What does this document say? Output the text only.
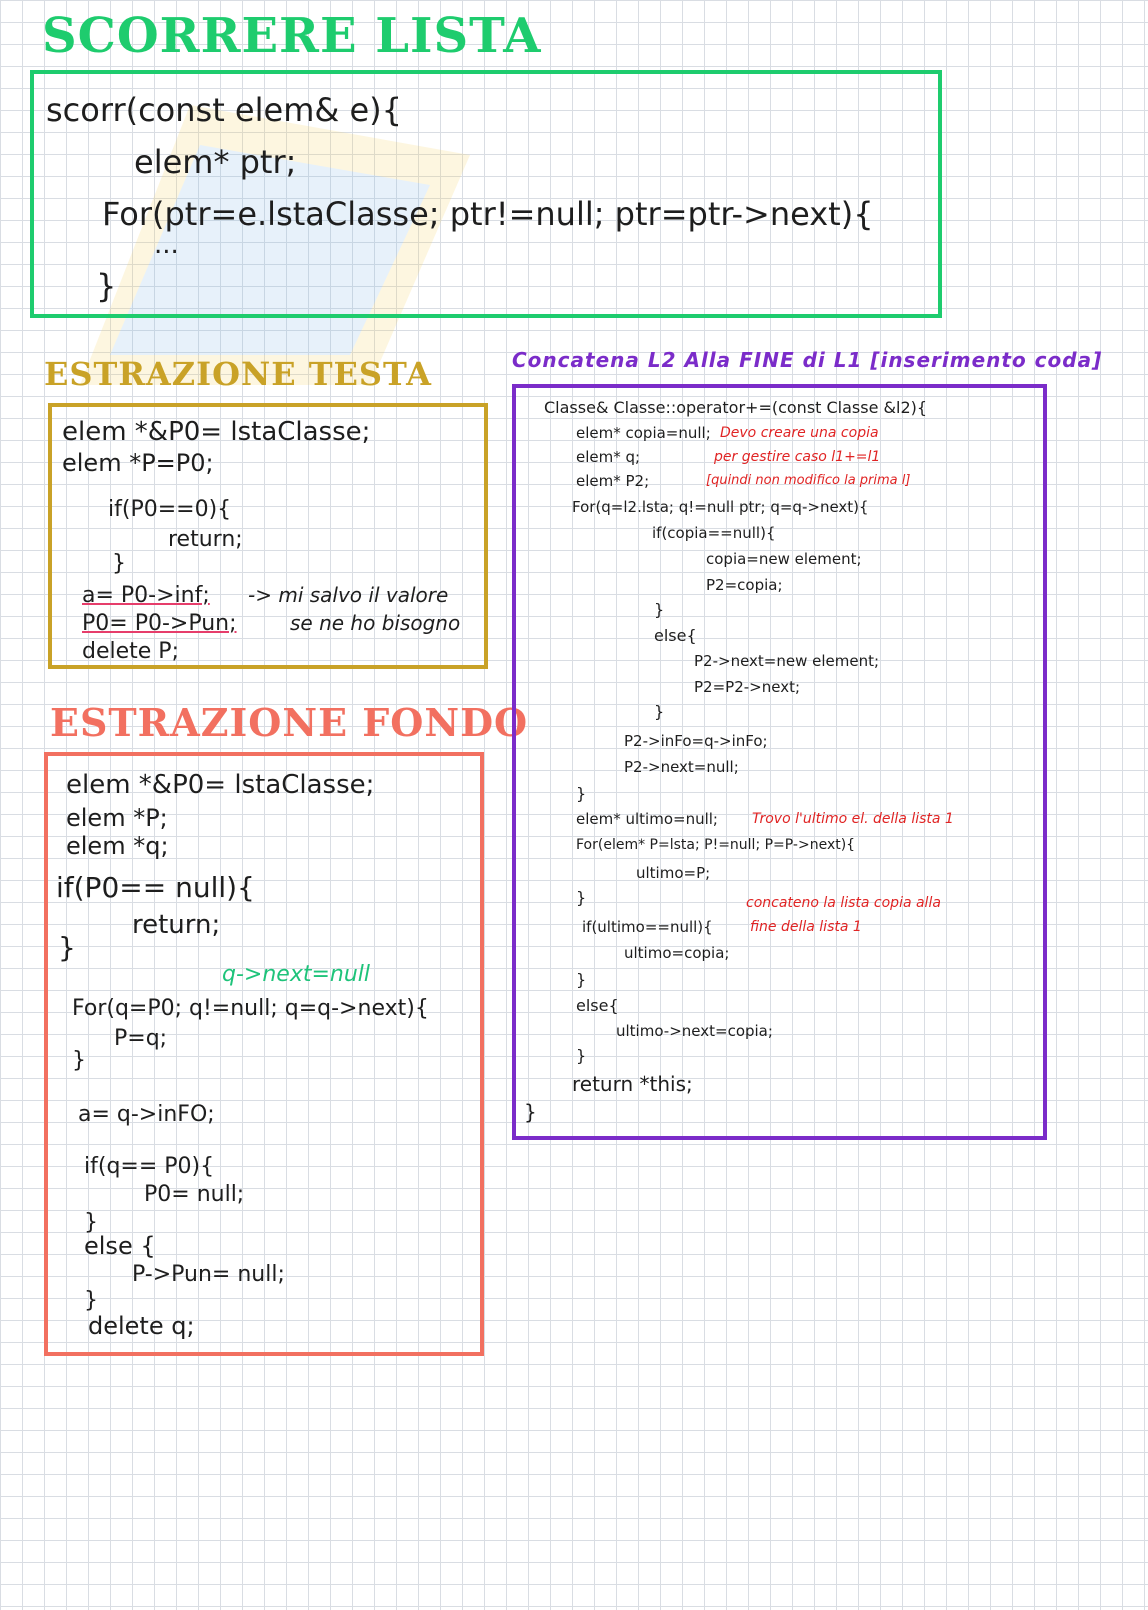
SCORRERE LISTA
scorr(const elem& e){
elem* ptr;
For(ptr=e.lstaClasse; ptr!=null; ptr=ptr->next){
...
}
ESTRAZIONE TESTA
elem *&P0= lstaClasse;
elem *P=P0;
if(P0==0){
return;
}
a= P0->inf;
P0= P0->Pun;
delete P;
-> mi salvo il valore
se ne ho bisogno
ESTRAZIONE FONDO
elem *&P0= lstaClasse;
elem *P;
elem *q;
if(P0== null){
return;
}
q->next=null
For(q=P0; q!=null; q=q->next){
P=q;
}
a= q->inFO;
if(q== P0){
P0= null;
}
else {
P->Pun= null;
}
delete q;
Concatena L2 Alla FINE di L1 [inserimento coda]
Classe& Classe::operator+=(const Classe &l2){
elem* copia=null; Devo creare una copia
elem* q;	per gestire caso l1+=l1
elem* P2;	[quindi non modifico la prima l]
For(q=l2.lsta; q!=null ptr; q=q->next){
if(copia==null){
copia=new element;
P2=copia;
}
else{
P2->next=new element;
P2=P2->next;
}
P2->inFo=q->inFo;
P2->next=null;
}
elem* ultimo=null; Trovo l'ultimo el. della lista 1
For(elem* P=lsta; P!=null; P=P->next){
ultimo=P;
}	concateno la lista copia alla
if(ultimo==null){	fine della lista 1
ultimo=copia;
}
else{
ultimo->next=copia;
}
return *this;
}
